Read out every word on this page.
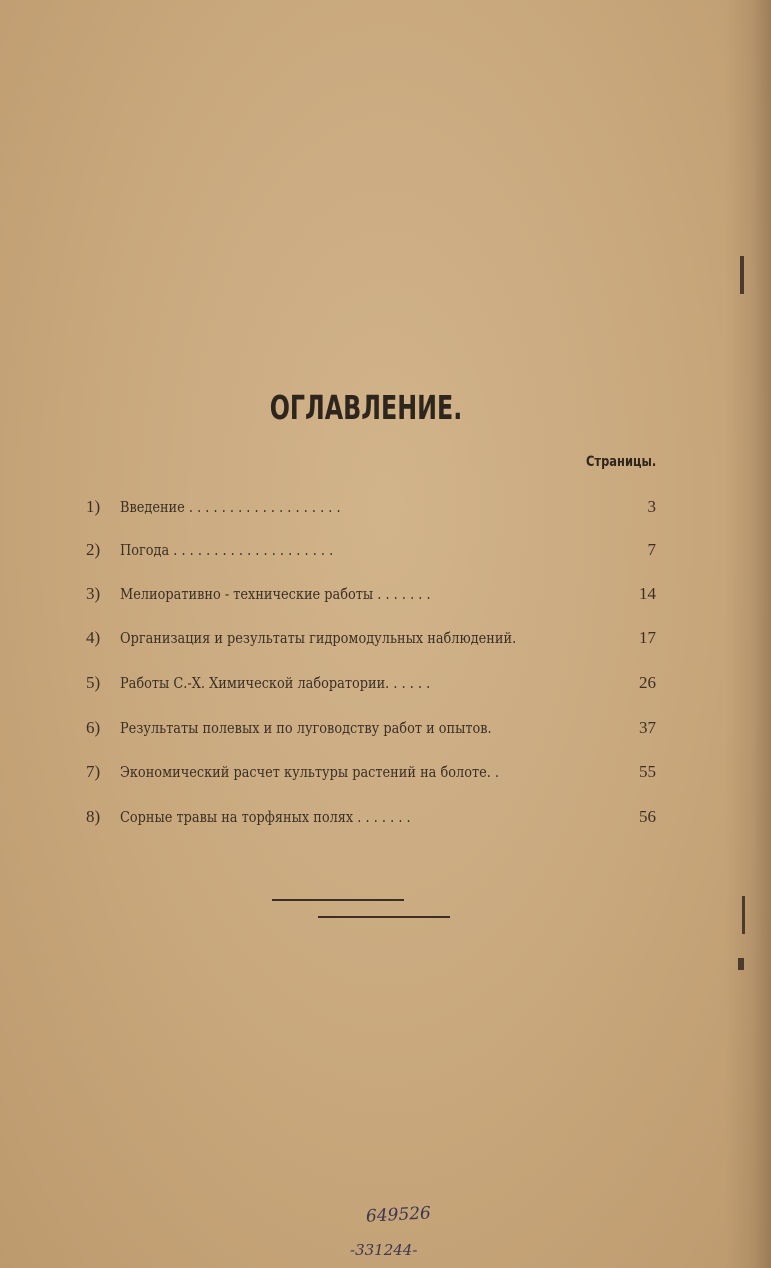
ОГЛАВЛЕНИЕ.
Страницы.
1) Введение . . . . . . . . . . . . . . . . . . .	3
2) Погода . . . . . . . . . . . . . . . . . . . .	7
3) Мелиоративно - технические работы . . . . . . .	14
4) Организация и результаты гидромодульных наблюдений.	17
5) Работы С.-Х. Химической лаборатории. . . . . .	26
6) Результаты полевых и по луговодству работ и опытов.	37
7) Экономический расчет культуры растений на болоте. .	55
8) Сорные травы на торфяных полях . . . . . . .	56
649526
-331244-
